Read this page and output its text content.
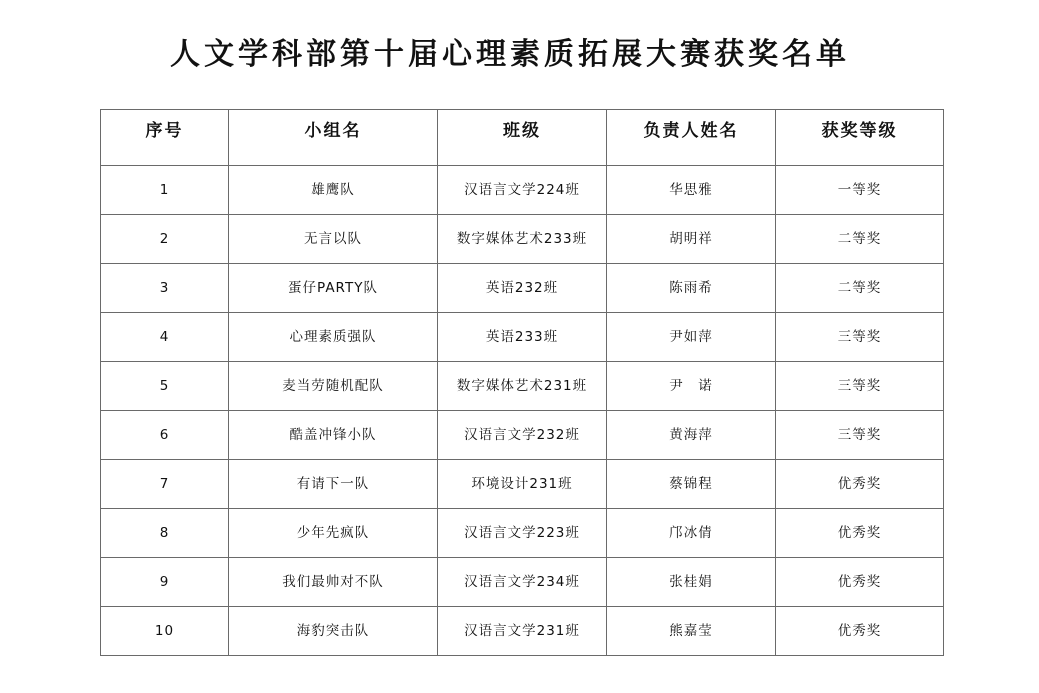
人文学科部第十届心理素质拓展大赛获奖名单
序号	小组名	班级	负责人姓名	获奖等级
1	雄鹰队	汉语言文学224班	华思雅	一等奖
2	无言以队	数字媒体艺术233班	胡明祥	二等奖
3	蛋仔PARTY队	英语232班	陈雨希	二等奖
4	心理素质强队	英语233班	尹如萍	三等奖
5	麦当劳随机配队	数字媒体艺术231班	尹　诺	三等奖
6	酷盖冲锋小队	汉语言文学232班	黄海萍	三等奖
7	有请下一队	环境设计231班	蔡锦程	优秀奖
8	少年先疯队	汉语言文学223班	邝冰倩	优秀奖
9	我们最帅对不队	汉语言文学234班	张桂娟	优秀奖
10	海豹突击队	汉语言文学231班	熊嘉莹	优秀奖
